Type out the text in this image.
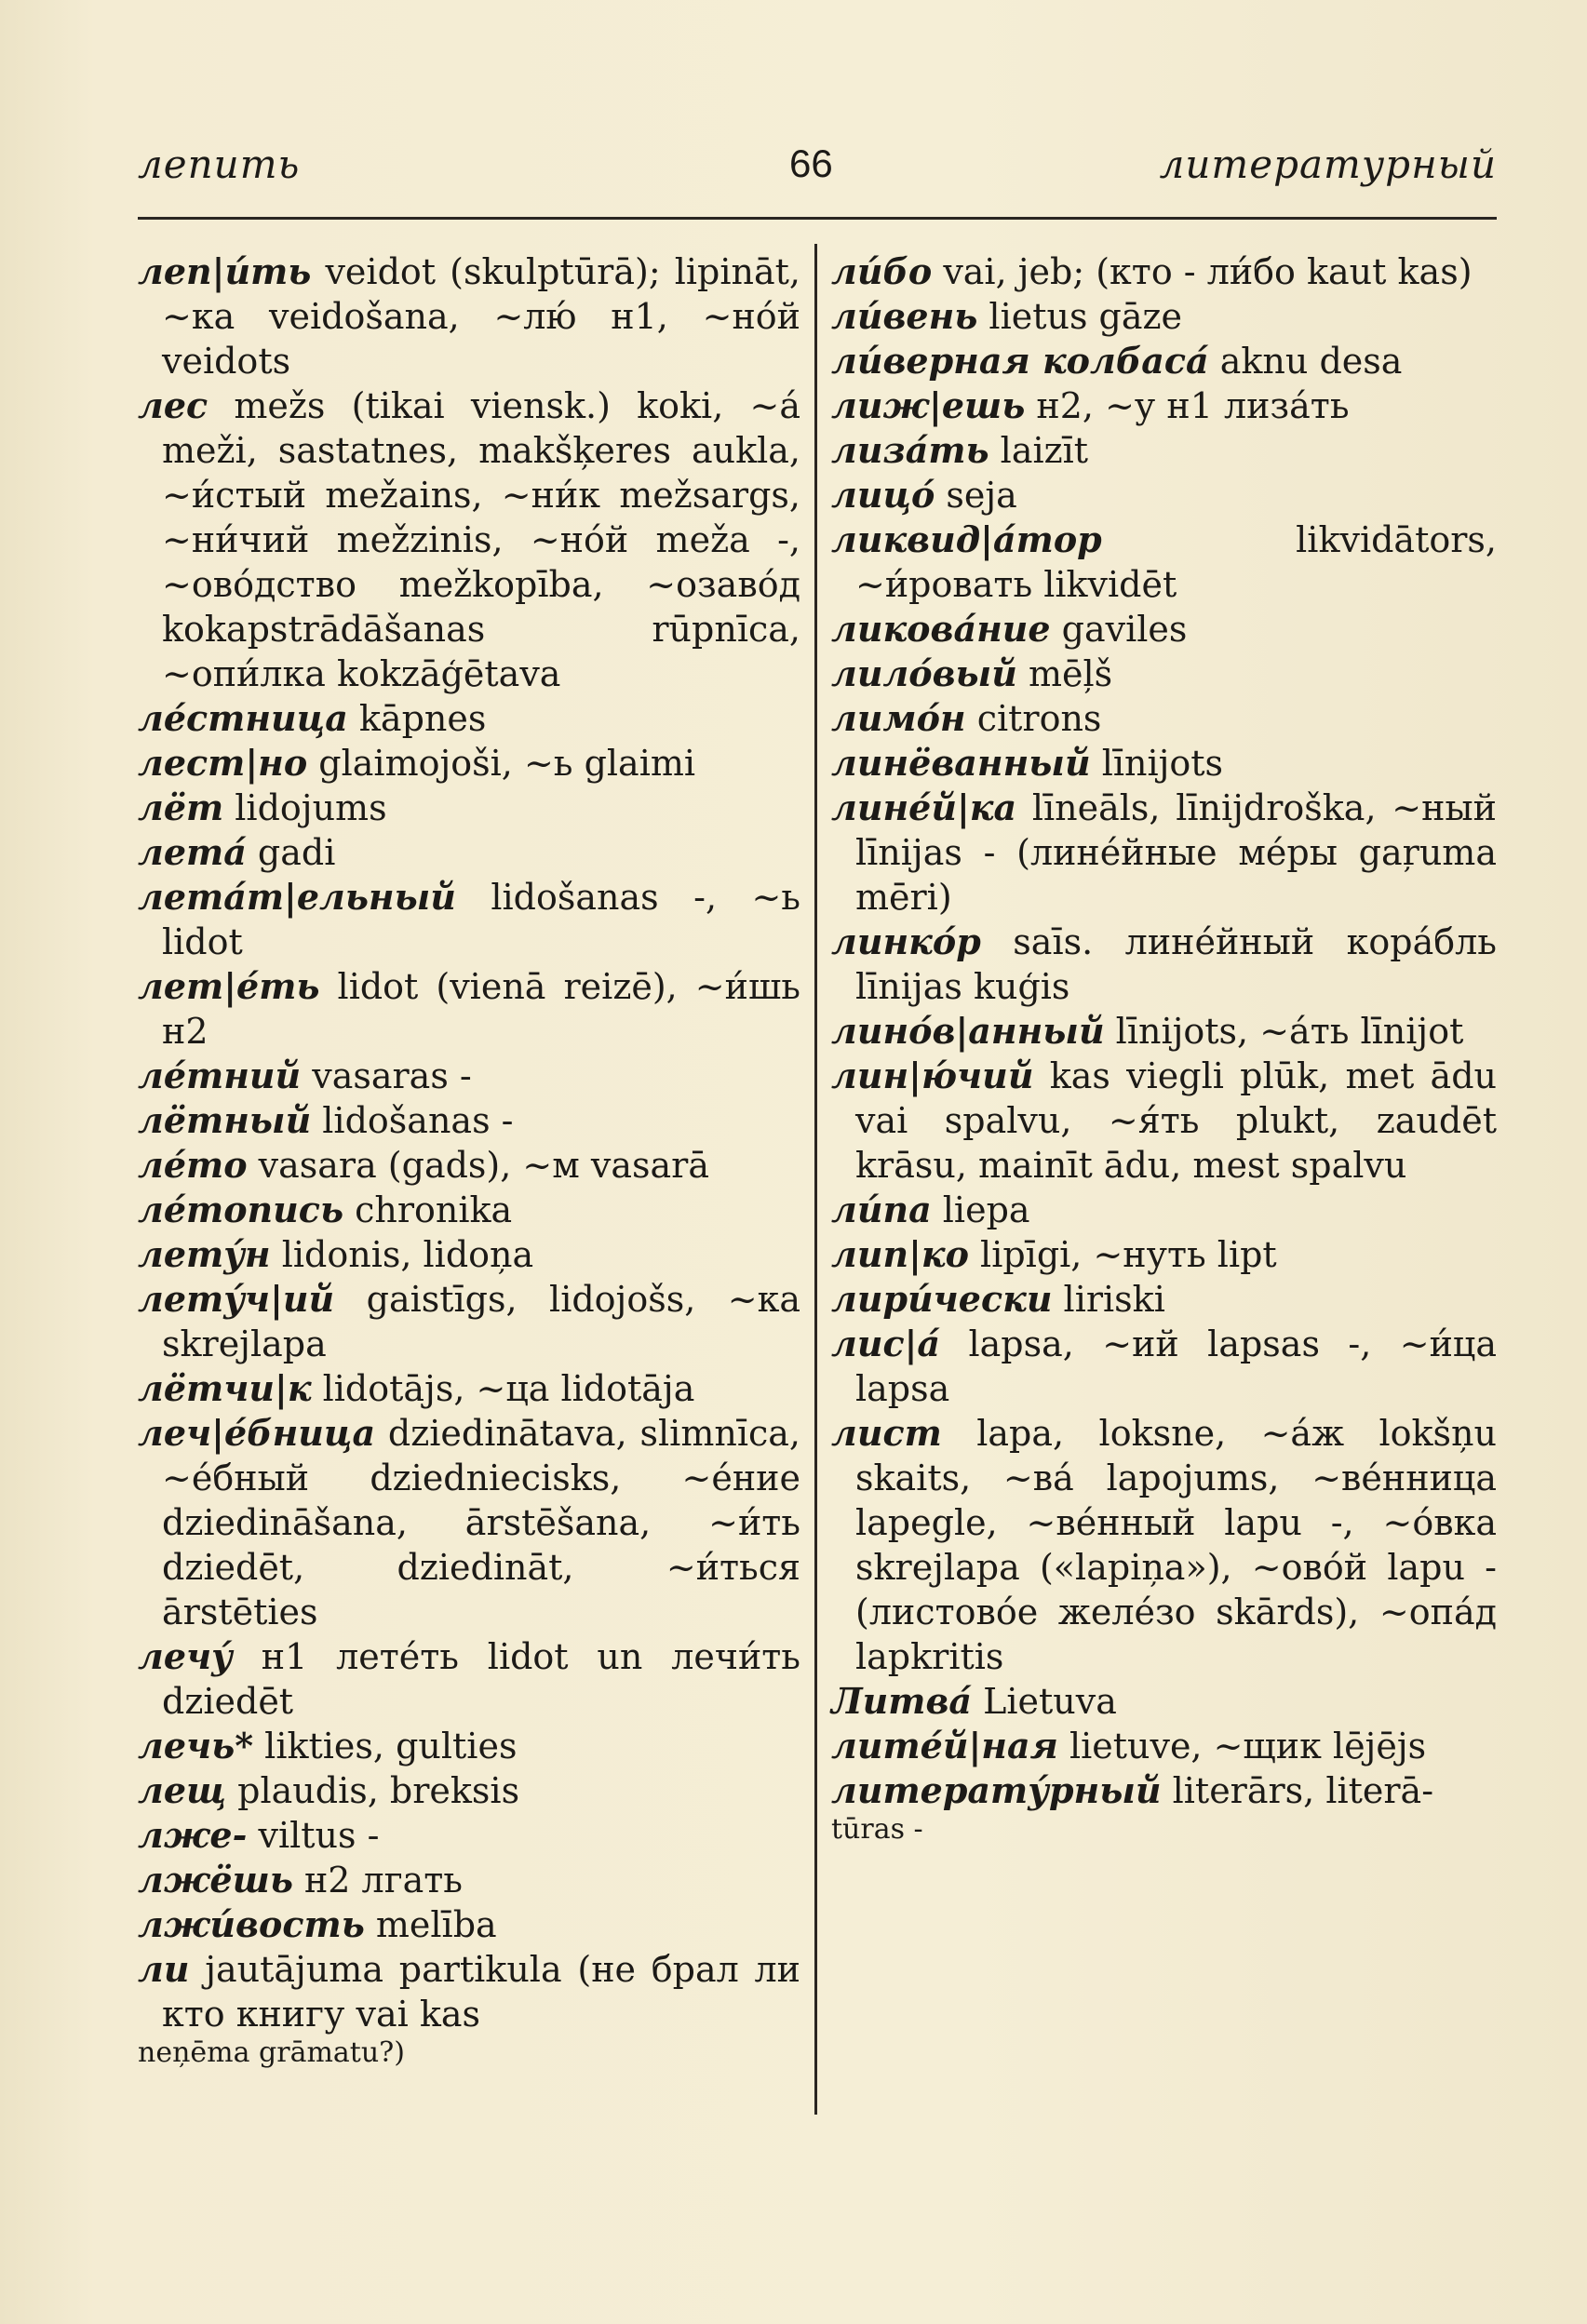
лепить	66	литературный

леп|и́ть veidot (skulptūrā); lipināt, ~ка veidošana, ~лю́ н1, ~но́й veidots

лес mežs (tikai viensk.) koki, ~а́ meži, sastatnes, makšķeres aukla, ~и́стый mežains, ~ни́к mežsargs, ~ни́чий mežzinis, ~но́й meža -, ~ово́дство mežkopība, ~озаво́д kokapstrādāšanas rūpnīca, ~опи́лка kokzāģētava

ле́стница kāpnes

лест|но glaimojoši, ~ь glaimi

лёт lidojums

лета́ gadi

лета́т|ельный lidošanas -, ~ь lidot

лет|е́ть lidot (vienā reizē), ~и́шь н2

ле́тний vasaras -

лётный lidošanas -

ле́то vasara (gads), ~м vasarā

ле́топись chronika

лету́н lidonis, lidoņa

лету́ч|ий gaistīgs, lidojošs, ~ка skrejlapa

лётчи|к lidotājs, ~ца lidotāja

леч|е́бница dziedinātava, slimnīca, ~е́бный dziedniecisks, ~е́ние dziedināšana, ārstēšana, ~и́ть dziedēt, dziedināt, ~и́ться ārstēties

лечу́ н1 лете́ть lidot un лечи́ть dziedēt

лечь* likties, gulties

лещ plaudis, breksis

лже- viltus -

лжёшь н2 лгать

лжи́вость melība

ли jautājuma partikula (не брал ли кто книгу vai kas

neņēma grāmatu?)

ли́бо vai, jeb; (кто - ли́бо kaut kas)

ли́вень lietus gāze

ли́верная колбаса́ aknu desa

лиж|ешь н2, ~у н1 лиза́ть

лиза́ть laizīt

лицо́ seja

ликвид|а́тор likvidātors, ~и́ровать likvidēt

ликова́ние gaviles

лило́вый mēļš

лимо́н citrons

линёванный līnijots

лине́й|ка līneāls, līnijdroška, ~ный līnijas - (лине́йные ме́ры gaŗuma mēri)

линко́р saīs. лине́йный кора́бль līnijas kuģis

лино́в|анный līnijots, ~а́ть līnijot

лин|ю́чий kas viegli plūk, met ādu vai spalvu, ~я́ть plukt, zaudēt krāsu, mainīt ādu, mest spalvu

ли́па liepa

лип|ко lipīgi, ~нуть lipt

лири́чески liriski

лис|а́ lapsa, ~ий lapsas -, ~и́ца lapsa

лист lapa, loksne, ~а́ж lokšņu skaits, ~ва́ lapojums, ~ве́нница lapegle, ~ве́нный lapu -, ~о́вка skrejlapa («lapiņa»), ~ово́й lapu - (листово́е желе́зо skārds), ~опа́д lapkritis

Литва́ Lietuva

лите́й|ная lietuve, ~щик lējējs

литерату́рный literārs, literā-

tūras -
